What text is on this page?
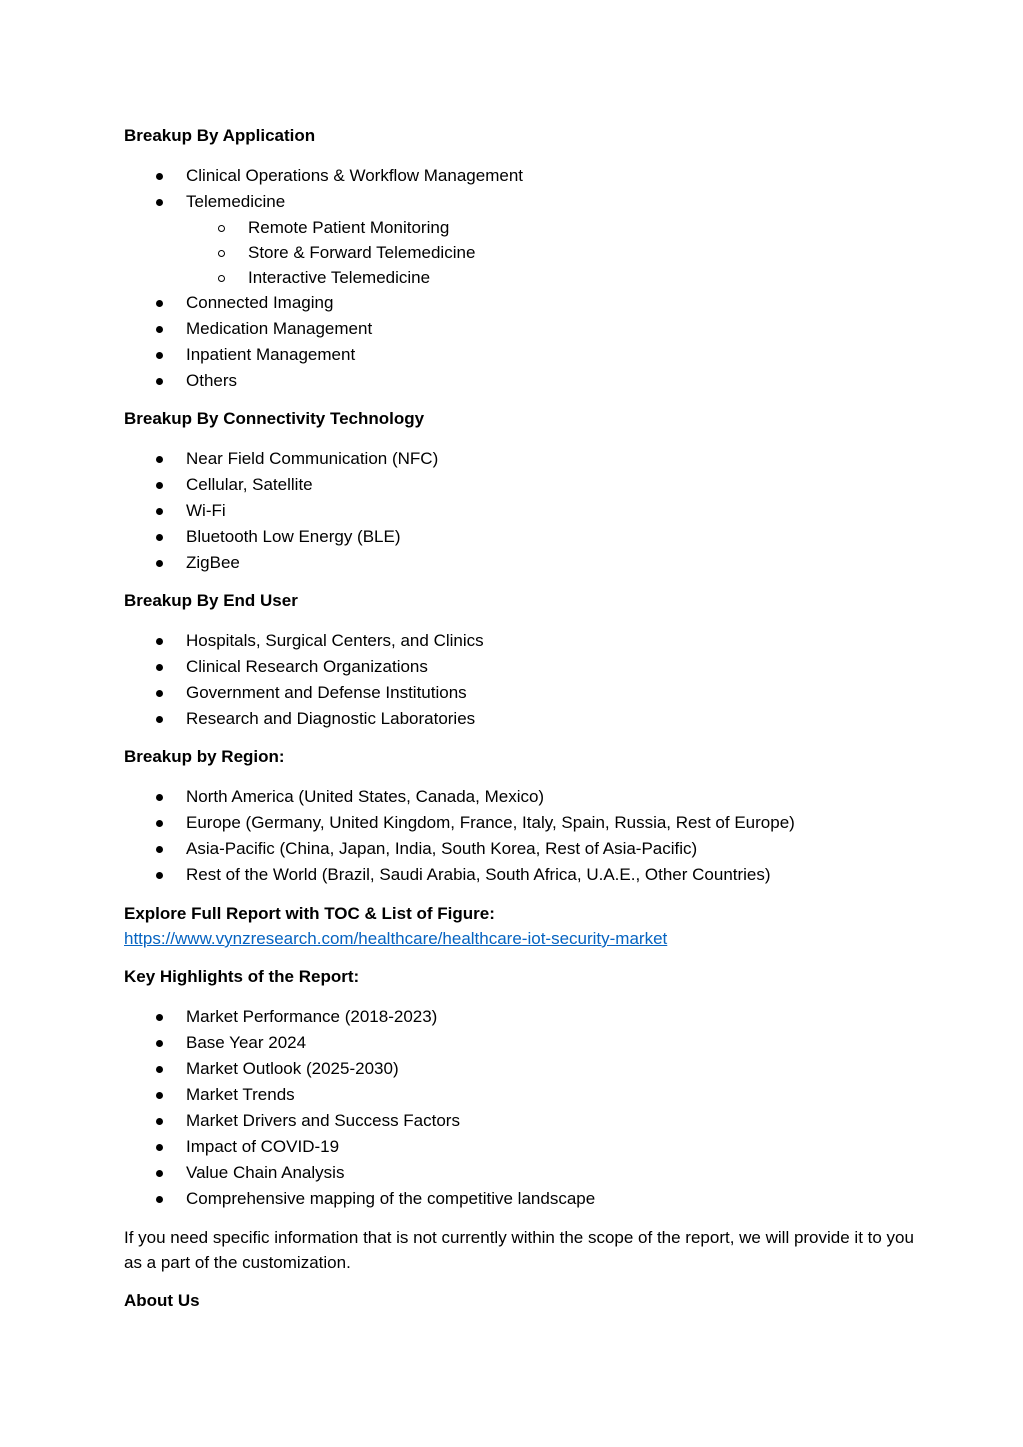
Breakup By Application
Clinical Operations & Workflow Management
Telemedicine
Remote Patient Monitoring
Store & Forward Telemedicine
Interactive Telemedicine
Connected Imaging
Medication Management
Inpatient Management
Others
Breakup By Connectivity Technology
Near Field Communication (NFC)
Cellular, Satellite
Wi-Fi
Bluetooth Low Energy (BLE)
ZigBee
Breakup By End User
Hospitals, Surgical Centers, and Clinics
Clinical Research Organizations
Government and Defense Institutions
Research and Diagnostic Laboratories
Breakup by Region:
North America (United States, Canada, Mexico)
Europe (Germany, United Kingdom, France, Italy, Spain, Russia, Rest of Europe)
Asia-Pacific (China, Japan, India, South Korea, Rest of Asia-Pacific)
Rest of the World (Brazil, Saudi Arabia, South Africa, U.A.E., Other Countries)
Explore Full Report with TOC & List of Figure:
https://www.vynzresearch.com/healthcare/healthcare-iot-security-market
Key Highlights of the Report:
Market Performance (2018-2023)
Base Year 2024
Market Outlook (2025-2030)
Market Trends
Market Drivers and Success Factors
Impact of COVID-19
Value Chain Analysis
Comprehensive mapping of the competitive landscape

If you need specific information that is not currently within the scope of the report, we will provide it to you as a part of the customization.

About Us
